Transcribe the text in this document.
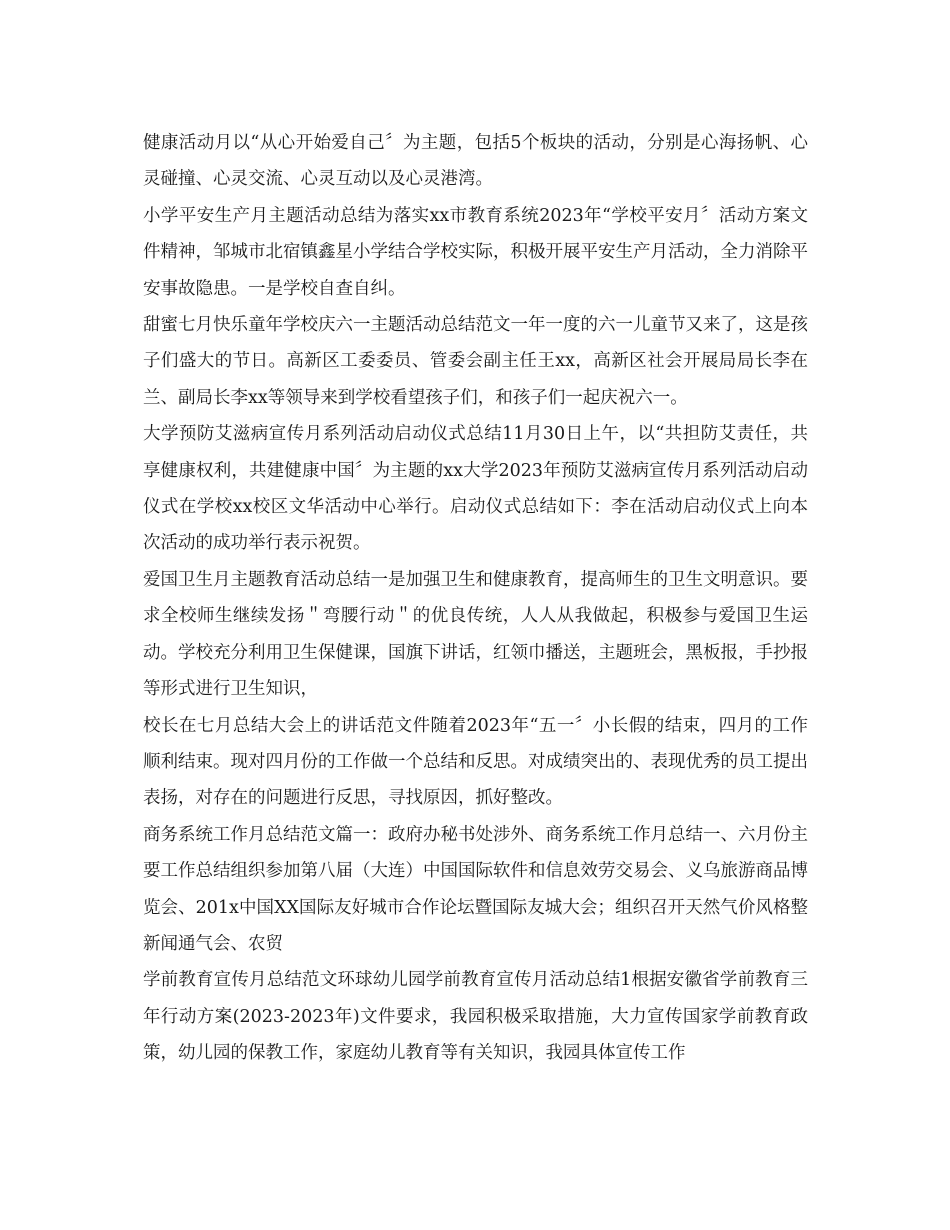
健康活动月以“从心开始爱自己〞为主题，包括5个板块的活动，分别是心海扬帆、心灵碰撞、心灵交流、心灵互动以及心灵港湾。

小学平安生产月主题活动总结为落实xx市教育系统2023年“学校平安月〞活动方案文件精神，邹城市北宿镇鑫星小学结合学校实际，积极开展平安生产月活动，全力消除平安事故隐患。一是学校自查自纠。

甜蜜七月快乐童年学校庆六一主题活动总结范文一年一度的六一儿童节又来了，这是孩子们盛大的节日。高新区工委委员、管委会副主任王xx，高新区社会开展局局长李在兰、副局长李xx等领导来到学校看望孩子们，和孩子们一起庆祝六一。

大学预防艾滋病宣传月系列活动启动仪式总结11月30日上午，以“共担防艾责任，共享健康权利，共建健康中国〞为主题的xx大学2023年预防艾滋病宣传月系列活动启动仪式在学校xx校区文华活动中心举行。启动仪式总结如下：李在活动启动仪式上向本次活动的成功举行表示祝贺。

爱国卫生月主题教育活动总结一是加强卫生和健康教育，提高师生的卫生文明意识。要求全校师生继续发扬＂弯腰行动＂的优良传统，人人从我做起，积极参与爱国卫生运动。学校充分利用卫生保健课，国旗下讲话，红领巾播送，主题班会，黑板报，手抄报等形式进行卫生知识，

校长在七月总结大会上的讲话范文件随着2023年“五一〞小长假的结束，四月的工作顺利结束。现对四月份的工作做一个总结和反思。对成绩突出的、表现优秀的员工提出表扬，对存在的问题进行反思，寻找原因，抓好整改。

商务系统工作月总结范文篇一：政府办秘书处涉外、商务系统工作月总结一、六月份主要工作总结组织参加第八届（大连）中国国际软件和信息效劳交易会、义乌旅游商品博览会、201x中国XX国际友好城市合作论坛暨国际友城大会；组织召开天然气价风格整新闻通气会、农贸

学前教育宣传月总结范文环球幼儿园学前教育宣传月活动总结1根据安徽省学前教育三年行动方案(2023-2023年)文件要求，我园积极采取措施，大力宣传国家学前教育政策，幼儿园的保教工作，家庭幼儿教育等有关知识，我园具体宣传工作
